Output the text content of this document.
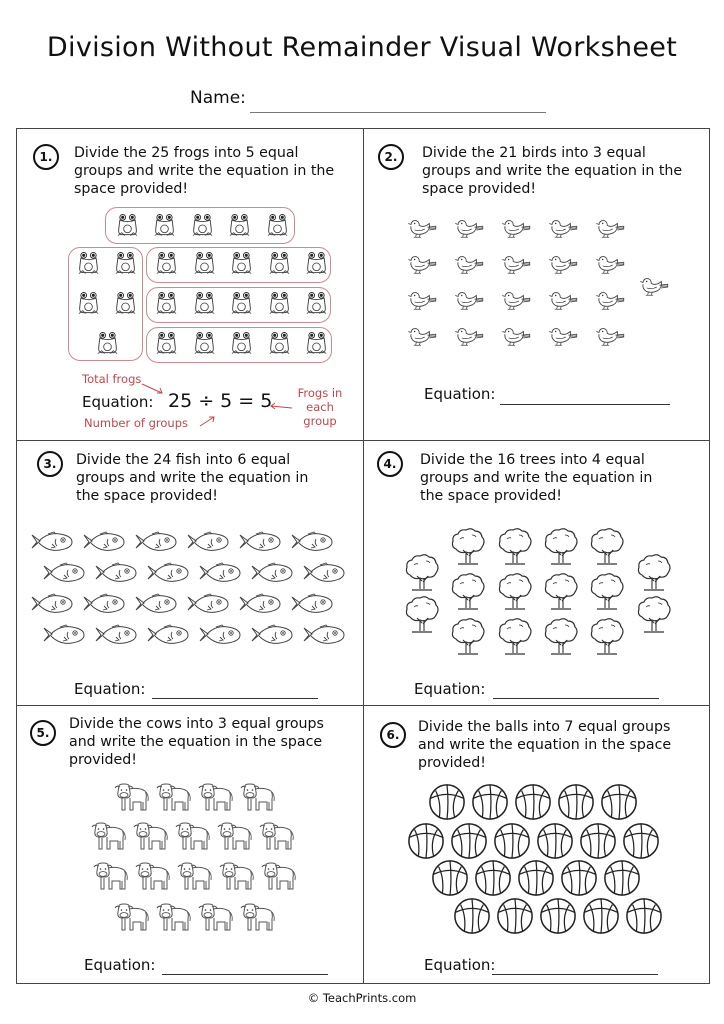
Division Without Remainder Visual Worksheet
Name:
1.	Divide the 25 frogs into 5 equal
groups and write the equation in the
space provided!
Total frogs
Number of groups
Frogs in
each
group
Equation: 25 ÷ 5 = 5
2.	Divide the 21 birds into 3 equal
groups and write the equation in the
space provided!
Equation:
3.	Divide the 24 fish into 6 equal
groups and write the equation in
the space provided!
Equation:
4.	Divide the 16 trees into 4 equal
groups and write the equation in
the space provided!
Equation:
5.
Divide the cows into 3 equal groups
and write the equation in the space
provided!
Equation:
6.	Divide the balls into 7 equal groups
and write the equation in the space
provided!
Equation:
© TeachPrints.com
